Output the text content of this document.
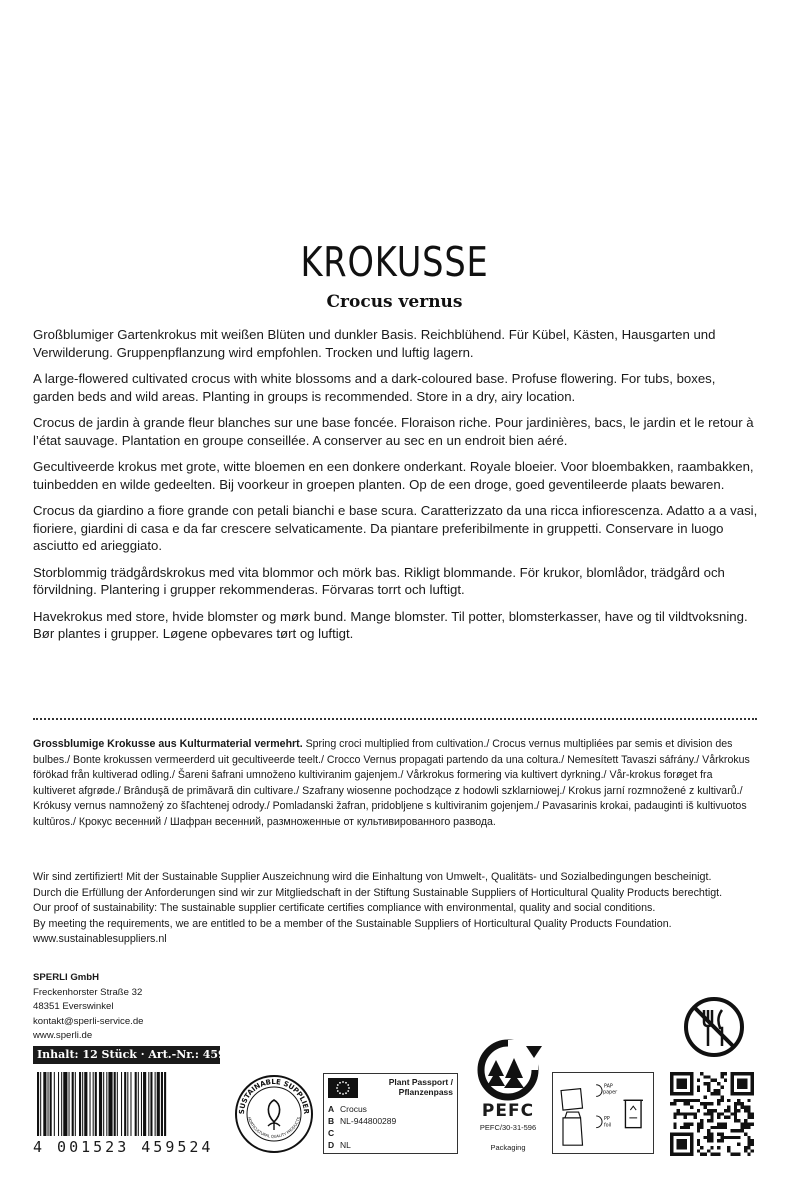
KROKUSSE
Crocus vernus

Großblumiger Gartenkrokus mit weißen Blüten und dunkler Basis. Reichblühend. Für Kübel, Kästen, Hausgarten und Verwilderung. Gruppenpflanzung wird empfohlen. Trocken und luftig lagern.

A large-flowered cultivated crocus with white blossoms and a dark-coloured base. Profuse flowering. For tubs, boxes, garden beds and wild areas. Planting in groups is recommended. Store in a dry, airy location.

Crocus de jardin à grande fleur blanches sur une base foncée. Floraison riche. Pour jardinières, bacs, le jardin et le retour à l’état sauvage. Plantation en groupe conseillée. A conserver au sec en un endroit bien aéré.

Gecultiveerde krokus met grote, witte bloemen en een donkere onderkant. Royale bloeier. Voor bloembakken, raambakken, tuinbedden en wilde gedeelten. Bij voorkeur in groepen planten. Op de een droge, goed geventileerde plaats bewaren.

Crocus da giardino a fiore grande con petali bianchi e base scura. Caratterizzato da una ricca infiorescenza. Adatto a a vasi, fioriere, giardini di casa e da far crescere selvaticamente. Da piantare preferibilmente in gruppetti. Conservare in luogo asciutto ed arieggiato.

Storblommig trädgårdskrokus med vita blommor och mörk bas. Rikligt blommande. För krukor, blomlådor, trädgård och förvildning. Plantering i grupper rekommenderas. Förvaras torrt och luftigt.

Havekrokus med store, hvide blomster og mørk bund. Mange blomster. Til potter, blomsterkasser, have og til vildtvoksning. Bør plantes i grupper. Løgene opbevares tørt og luftigt.

Grossblumige Krokusse aus Kulturmaterial vermehrt. Spring croci multiplied from cultivation./ Crocus vernus multipliées par semis et division des bulbes./ Bonte krokussen vermeerderd uit gecultiveerde teelt./ Crocco Vernus propagati partendo da una coltura./ Nemesített Tavaszi sáfrány./ Vårkrokus förökad från kultiverad odling./ Šareni šafrani umnoženo kultiviranim gajenjem./ Vårkrokus formering via kultivert dyrkning./ Vår-krokus forøget fra kultiveret afgrøde./ Brânduşă de primăvară din cultivare./ Szafrany wiosenne pochodzące z hodowli szklarniowej./ Krokus jarní rozmnožené z kultivarů./ Krókusy vernus namnožený zo šľachtenej odrody./ Pomladanski žafran, pridobljene s kultiviranim gojenjem./ Pavasarinis krokai, padauginti iš kultivuotos kultūros./ Крокус весенний / Шафран весенний, размноженные от культивированного развода.
Wir sind zertifiziert! Mit der Sustainable Supplier Auszeichnung wird die Einhaltung von Umwelt-, Qualitäts- und Sozialbedingungen bescheinigt.
Durch die Erfüllung der Anforderungen sind wir zur Mitgliedschaft in der Stiftung Sustainable Suppliers of Horticultural Quality Products berechtigt.
Our proof of sustainability: The sustainable supplier certificate certifies compliance with environmental, quality and social conditions.
By meeting the requirements, we are entitled to be a member of the Sustainable Suppliers of Horticultural Quality Products Foundation.
www.sustainablesuppliers.nl
SPERLI GmbH
Freckenhorster Straße 32
48351 Everswinkel
kontakt@sperli-service.de
www.sperli.de
Inhalt: 12 Stück · Art.-Nr.: 459524
4 001523 459524
SUSTAINABLE SUPPLIER
HORTICULTURAL QUALITY PRODUCTS
Plant Passport /
Pflanzenpass
A Crocus
B NL-944800289
C
D NL
PEFC
PEFC/30-31-596
Packaging
PAP
paper
PP
foil
